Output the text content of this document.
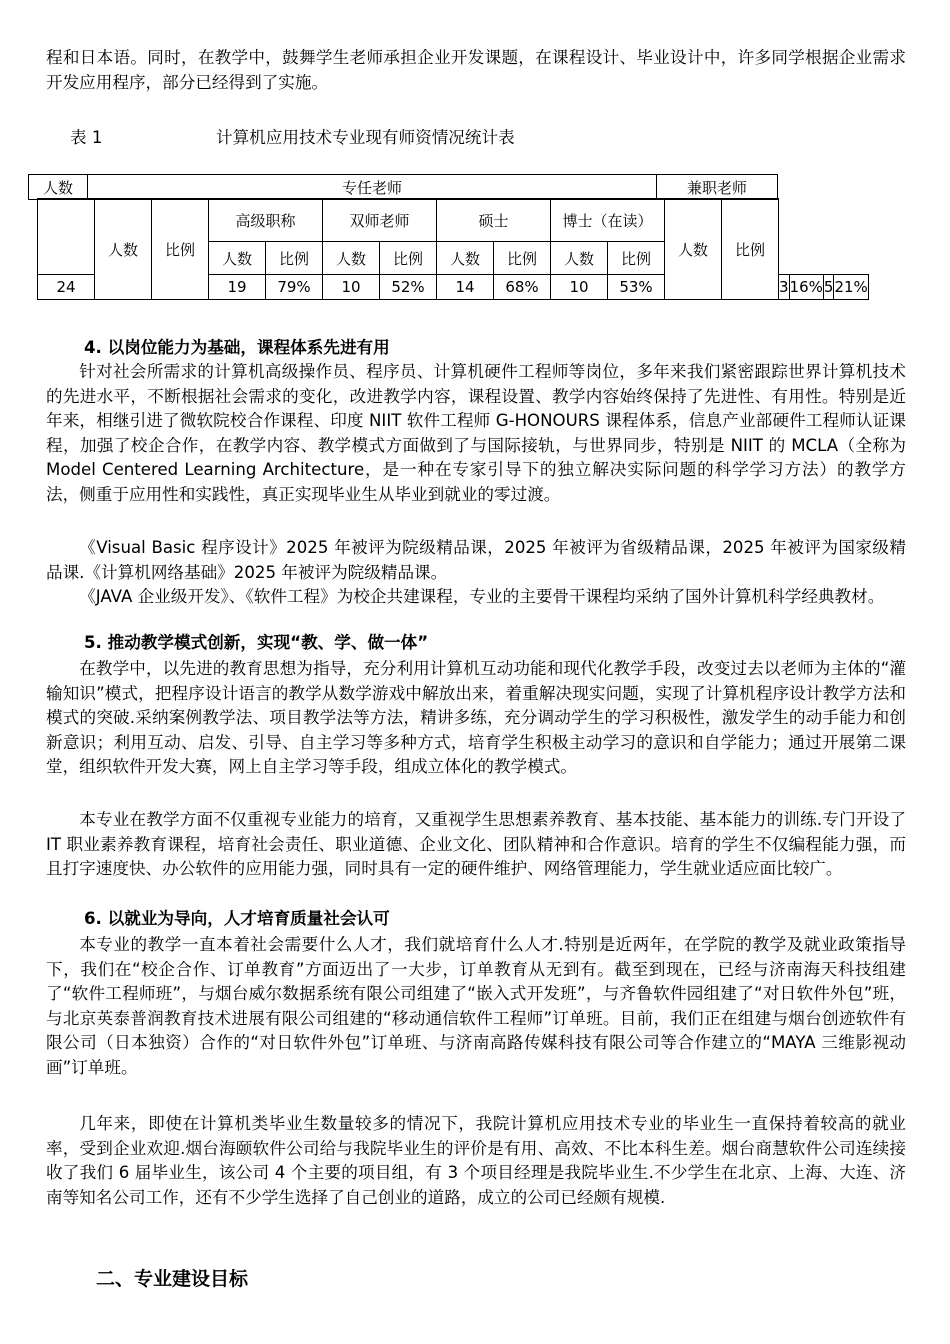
程和日本语。同时，在教学中，鼓舞学生老师承担企业开发课题，在课程设计、毕业设计中，许多同学根据企业需求开发应用程序，部分已经得到了实施。

表 1	计算机应用技术专业现有师资情况统计表
人数	专任老师	兼职老师
	人数	比例	高级职称		双师老师		硕士		博士（在读）		人数	比例				
			人数	比例	人数	比例	人数	比例	人数	比例						
24			19	79%	10	52%	14	68%	10	53%			3	16%	5	21%
4. 以岗位能力为基础，课程体系先进有用

针对社会所需求的计算机高级操作员、程序员、计算机硬件工程师等岗位，多年来我们紧密跟踪世界计算机技术的先进水平，不断根据社会需求的变化，改进教学内容，课程设置、教学内容始终保持了先进性、有用性。特别是近年来，相继引进了微软院校合作课程、印度 NIIT 软件工程师 G-HONOURS 课程体系，信息产业部硬件工程师认证课程，加强了校企合作，在教学内容、教学模式方面做到了与国际接轨，与世界同步，特别是 NIIT 的 MCLA（全称为 Model Centered Learning Architecture，是一种在专家引导下的独立解决实际问题的科学学习方法）的教学方法，侧重于应用性和实践性，真正实现毕业生从毕业到就业的零过渡。

《Visual Basic 程序设计》2025 年被评为院级精品课，2025 年被评为省级精品课，2025 年被评为国家级精品课.《计算机网络基础》2025 年被评为院级精品课。

《JAVA 企业级开发》、《软件工程》为校企共建课程，专业的主要骨干课程均采纳了国外计算机科学经典教材。

5. 推动教学模式创新，实现“教、学、做一体”

在教学中，以先进的教育思想为指导，充分利用计算机互动功能和现代化教学手段，改变过去以老师为主体的“灌输知识”模式，把程序设计语言的教学从数学游戏中解放出来，着重解决现实问题，实现了计算机程序设计教学方法和模式的突破.采纳案例教学法、项目教学法等方法，精讲多练，充分调动学生的学习积极性，激发学生的动手能力和创新意识；利用互动、启发、引导、自主学习等多种方式，培育学生积极主动学习的意识和自学能力；通过开展第二课堂，组织软件开发大赛，网上自主学习等手段，组成立体化的教学模式。

本专业在教学方面不仅重视专业能力的培育，又重视学生思想素养教育、基本技能、基本能力的训练.专门开设了 IT 职业素养教育课程，培育社会责任、职业道德、企业文化、团队精神和合作意识。培育的学生不仅编程能力强，而且打字速度快、办公软件的应用能力强，同时具有一定的硬件维护、网络管理能力，学生就业适应面比较广。

6. 以就业为导向，人才培育质量社会认可

本专业的教学一直本着社会需要什么人才，我们就培育什么人才.特别是近两年，在学院的教学及就业政策指导下，我们在“校企合作、订单教育”方面迈出了一大步，订单教育从无到有。截至到现在，已经与济南海天科技组建了“软件工程师班”，与烟台威尔数据系统有限公司组建了“嵌入式开发班”，与齐鲁软件园组建了“对日软件外包”班，与北京英泰普润教育技术进展有限公司组建的“移动通信软件工程师”订单班。目前，我们正在组建与烟台创迹软件有限公司（日本独资）合作的“对日软件外包”订单班、与济南高路传媒科技有限公司等合作建立的“MAYA 三维影视动画”订单班。

几年来，即使在计算机类毕业生数量较多的情况下，我院计算机应用技术专业的毕业生一直保持着较高的就业率，受到企业欢迎.烟台海颐软件公司给与我院毕业生的评价是有用、高效、不比本科生差。烟台商慧软件公司连续接收了我们 6 届毕业生，该公司 4 个主要的项目组，有 3 个项目经理是我院毕业生.不少学生在北京、上海、大连、济南等知名公司工作，还有不少学生选择了自己创业的道路，成立的公司已经颇有规模.

二、专业建设目标
